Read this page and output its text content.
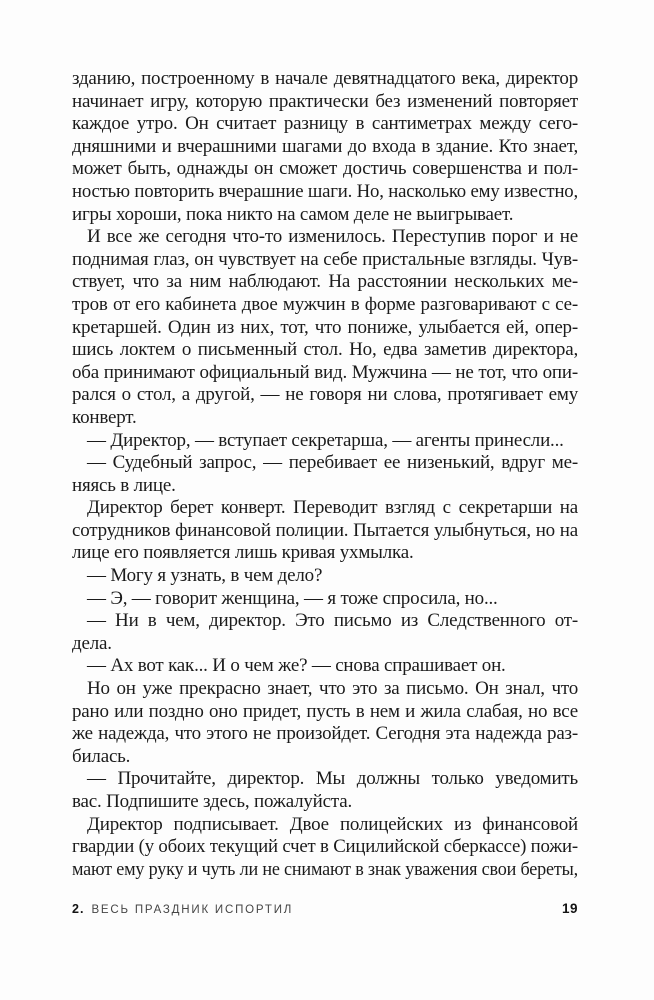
зданию, построенному в начале девятнадцатого века, директор
начинает игру, которую практически без изменений повторяет
каждое утро. Он считает разницу в сантиметрах между сего-
дняшними и вчерашними шагами до входа в здание. Кто знает,
может быть, однажды он сможет достичь совершенства и пол-
ностью повторить вчерашние шаги. Но, насколько ему известно,
игры хороши, пока никто на самом деле не выигрывает.
И все же сегодня что-то изменилось. Переступив порог и не
поднимая глаз, он чувствует на себе пристальные взгляды. Чув-
ствует, что за ним наблюдают. На расстоянии нескольких ме-
тров от его кабинета двое мужчин в форме разговаривают с се-
кретаршей. Один из них, тот, что пониже, улыбается ей, опер-
шись локтем о письменный стол. Но, едва заметив директора,
оба принимают официальный вид. Мужчина — не тот, что опи-
рался о стол, а другой, — не говоря ни слова, протягивает ему
конверт.
— Директор, — вступает секретарша, — агенты принесли...
— Судебный запрос, — перебивает ее низенький, вдруг ме-
няясь в лице.
Директор берет конверт. Переводит взгляд с секретарши на
сотрудников финансовой полиции. Пытается улыбнуться, но на
лице его появляется лишь кривая ухмылка.
— Могу я узнать, в чем дело?
— Э, — говорит женщина, — я тоже спросила, но...
— Ни в чем, директор. Это письмо из Следственного от-
дела.
— Ах вот как... И о чем же? — снова спрашивает он.
Но он уже прекрасно знает, что это за письмо. Он знал, что
рано или поздно оно придет, пусть в нем и жила слабая, но все
же надежда, что этого не произойдет. Сегодня эта надежда раз-
билась.
— Прочитайте, директор. Мы должны только уведомить
вас. Подпишите здесь, пожалуйста.
Директор подписывает. Двое полицейских из финансовой
гвардии (у обоих текущий счет в Сицилийской сберкассе) пожи-
мают ему руку и чуть ли не снимают в знак уважения свои береты,
2. ВЕСЬ ПРАЗДНИК ИСПОРТИЛ	19
